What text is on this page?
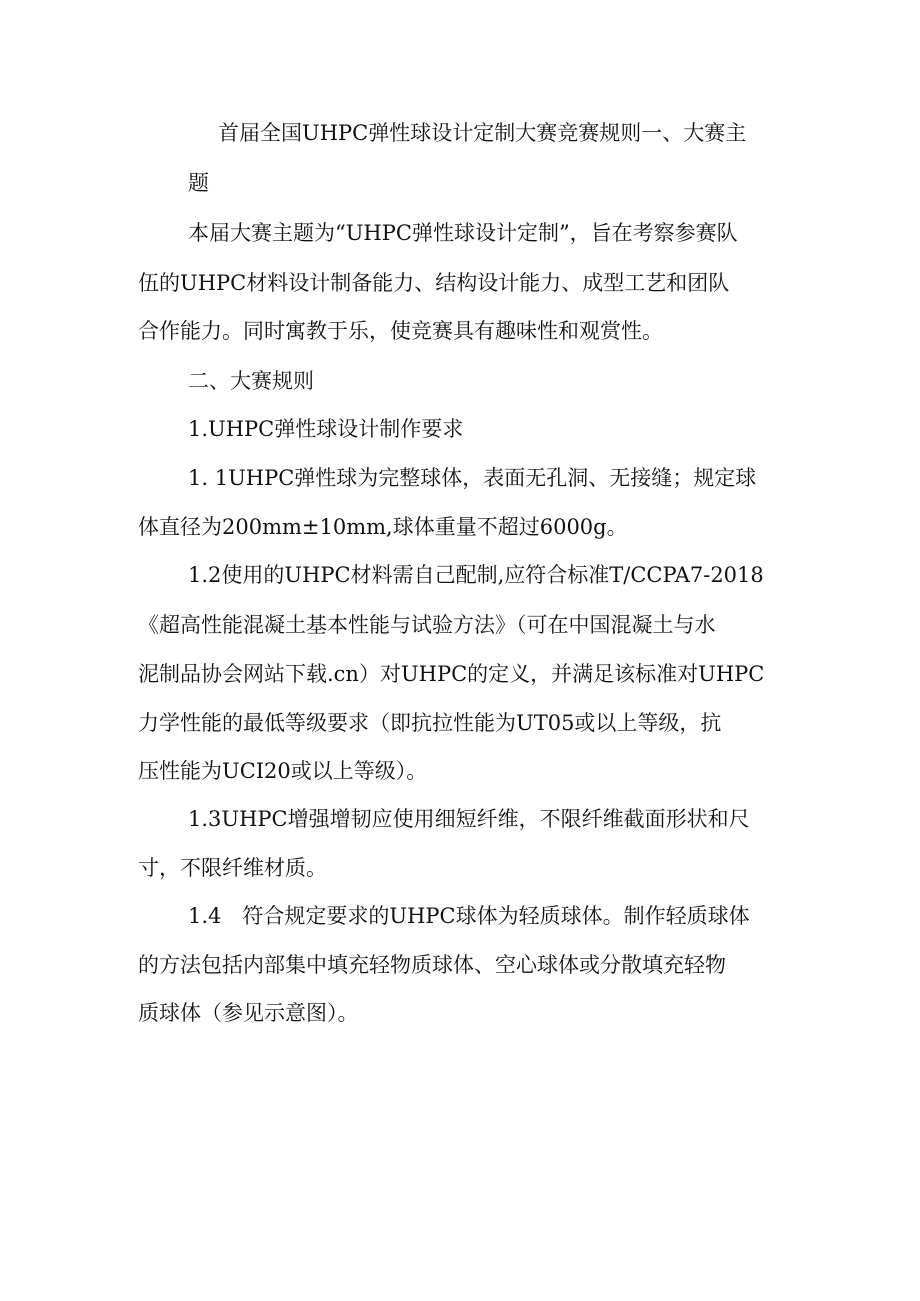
首届全国UHPC弹性球设计定制大赛竞赛规则一、大赛主
题
本届大赛主题为“UHPC弹性球设计定制”，旨在考察参赛队
伍的UHPC材料设计制备能力、结构设计能力、成型工艺和团队
合作能力。同时寓教于乐，使竞赛具有趣味性和观赏性。
二、大赛规则
1.UHPC弹性球设计制作要求
1. 1UHPC弹性球为完整球体，表面无孔洞、无接缝；规定球
体直径为200mm±10mm,球体重量不超过6000g。
1.2使用的UHPC材料需自己配制,应符合标准T/CCPA7-2018
《超高性能混凝土基本性能与试验方法》（可在中国混凝土与水
泥制品协会网站下载.cn）对UHPC的定义，并满足该标准对UHPC
力学性能的最低等级要求（即抗拉性能为UT05或以上等级，抗
压性能为UCI20或以上等级）。
1.3UHPC增强增韧应使用细短纤维，不限纤维截面形状和尺
寸，不限纤维材质。
1.4　符合规定要求的UHPC球体为轻质球体。制作轻质球体
的方法包括内部集中填充轻物质球体、空心球体或分散填充轻物
质球体（参见示意图）。
